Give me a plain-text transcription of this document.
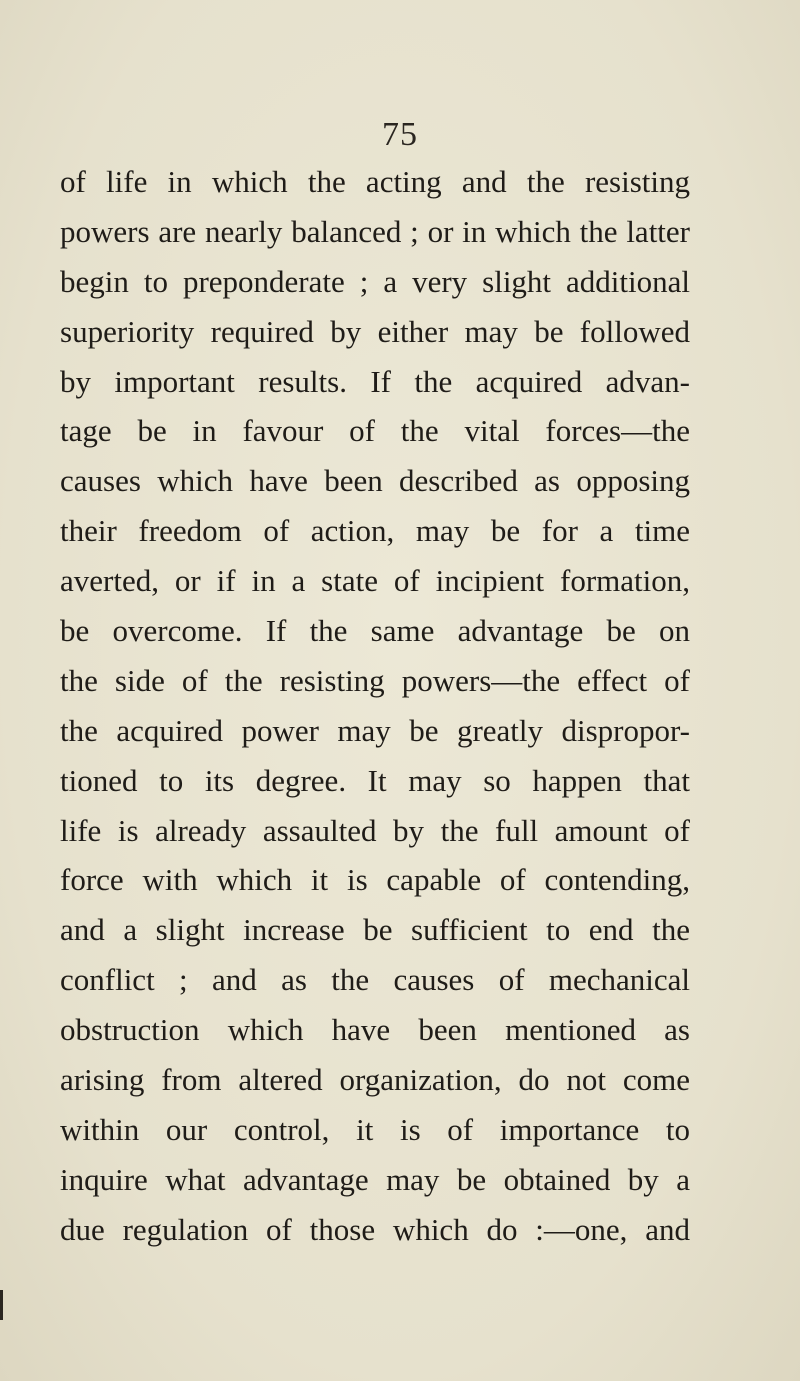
75
of life in which the acting and the resisting
powers are nearly balanced ; or in which the latter
begin to preponderate ; a very slight additional
superiority required by either may be followed
by important results. If the acquired advan-
tage be in favour of the vital forces—the
causes which have been described as opposing
their freedom of action, may be for a time
averted, or if in a state of incipient formation,
be overcome. If the same advantage be on
the side of the resisting powers—the effect of
the acquired power may be greatly dispropor-
tioned to its degree. It may so happen that
life is already assaulted by the full amount of
force with which it is capable of contending,
and a slight increase be sufficient to end the
conflict ; and as the causes of mechanical
obstruction which have been mentioned as
arising from altered organization, do not come
within our control, it is of importance to
inquire what advantage may be obtained by a
due regulation of those which do :—one, and
